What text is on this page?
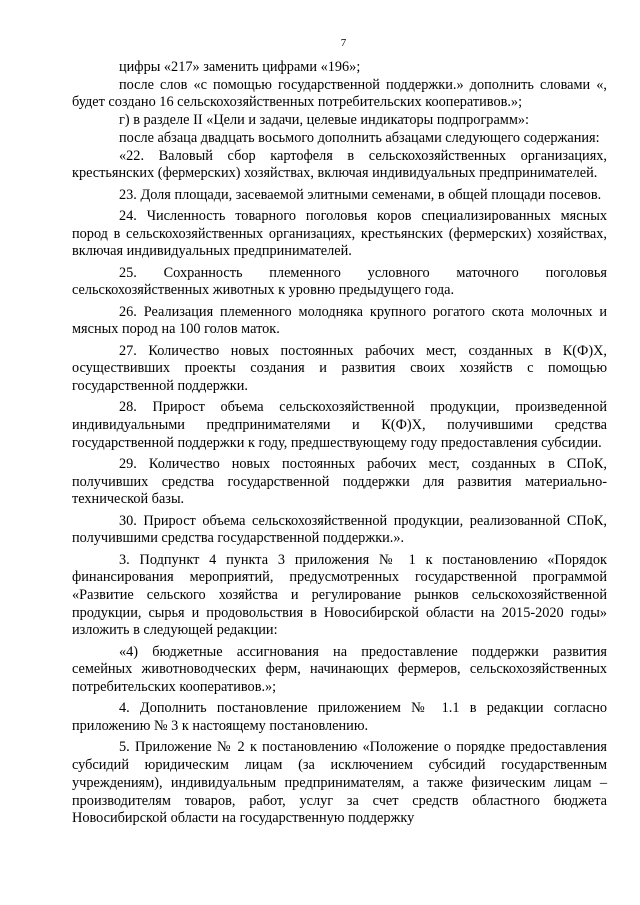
7

цифры «217» заменить цифрами «196»;

после слов «с помощью государственной поддержки.» дополнить словами «, будет создано 16 сельскохозяйственных потребительских кооперативов.»;

г) в разделе II «Цели и задачи, целевые индикаторы подпрограмм»:

после абзаца двадцать восьмого дополнить абзацами следующего содержания:

«22. Валовый сбор картофеля в сельскохозяйственных организациях, крестьянских (фермерских) хозяйствах, включая индивидуальных предпринимателей.

23. Доля площади, засеваемой элитными семенами, в общей площади посевов.

24. Численность товарного поголовья коров специализированных мясных пород в сельскохозяйственных организациях, крестьянских (фермерских) хозяйствах, включая индивидуальных предпринимателей.

25. Сохранность племенного условного маточного поголовья сельскохозяйственных животных к уровню предыдущего года.

26. Реализация племенного молодняка крупного рогатого скота молочных и мясных пород на 100 голов маток.

27. Количество новых постоянных рабочих мест, созданных в К(Ф)Х, осуществивших проекты создания и развития своих хозяйств с помощью государственной поддержки.

28. Прирост объема сельскохозяйственной продукции, произведенной индивидуальными предпринимателями и К(Ф)Х, получившими средства государственной поддержки к году, предшествующему году предоставления субсидии.

29. Количество новых постоянных рабочих мест, созданных в СПоК, получивших средства государственной поддержки для развития материально-технической базы.

30. Прирост объема сельскохозяйственной продукции, реализованной СПоК, получившими средства государственной поддержки.».

3. Подпункт 4 пункта 3 приложения № 1 к постановлению «Порядок финансирования мероприятий, предусмотренных государственной программой «Развитие сельского хозяйства и регулирование рынков сельскохозяйственной продукции, сырья и продовольствия в Новосибирской области на 2015-2020 годы» изложить в следующей редакции:

«4) бюджетные ассигнования на предоставление поддержки развития семейных животноводческих ферм, начинающих фермеров, сельскохозяйственных потребительских кооперативов.»;

4. Дополнить постановление приложением № 1.1 в редакции согласно приложению № 3 к настоящему постановлению.

5. Приложение № 2 к постановлению «Положение о порядке предоставления субсидий юридическим лицам (за исключением субсидий государственным учреждениям), индивидуальным предпринимателям, а также физическим лицам – производителям товаров, работ, услуг за счет средств областного бюджета Новосибирской области на государственную поддержку
